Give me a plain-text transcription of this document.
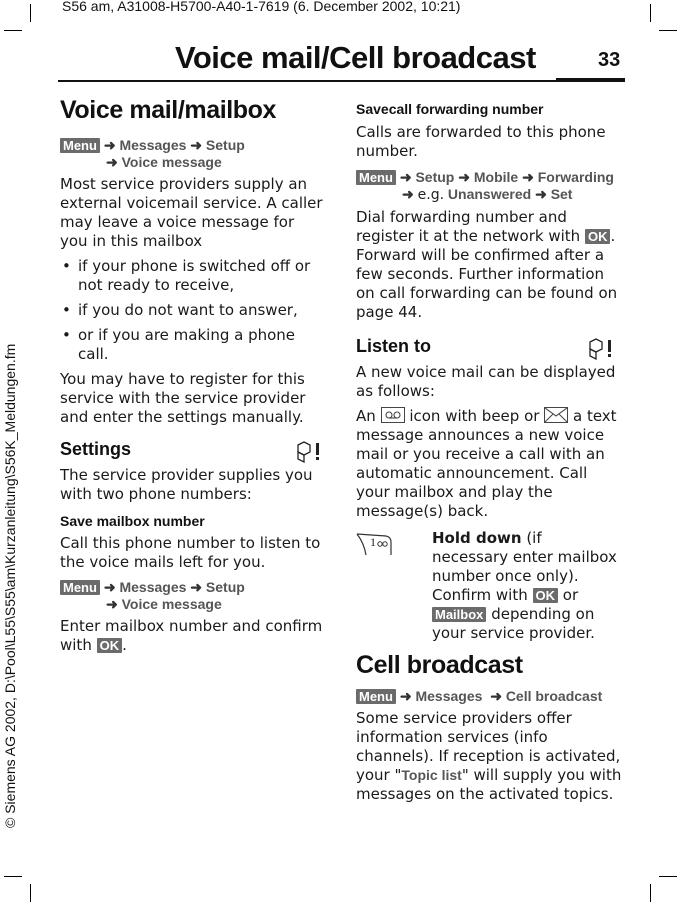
S56 am, A31008-H5700-A40-1-7619 (6. December 2002, 10:21)
Voice mail/Cell broadcast	33
© Siemens AG 2002, D:\Pool\L55\S55\am\Kurzanleitung\S56K_Meldungen.fm
Voice mail/mailbox
Menu ➜ Messages ➜ Setup
➜ Voice message

Most service providers supply an external voicemail service. A caller may leave a voice message for you in this mailbox

• if your phone is switched off or not ready to receive,

• if you do not want to answer,

• or if you are making a phone call.

You may have to register for this service with the service provider and enter the settings manually.

Settings

The service provider supplies you with two phone numbers:

Save mailbox number

Call this phone number to listen to the voice mails left for you.

Menu ➜ Messages ➜ Setup
➜ Voice message

Enter mailbox number and confirm with OK .

Savecall forwarding number

Calls are forwarded to this phone number.

Menu ➜ Setup ➜ Mobile ➜ Forwarding
➜ e.g. Unanswered ➜ Set

Dial forwarding number and register it at the network with OK . Forward will be confirmed after a few seconds. Further information on call forwarding can be found on page 44.

Listen to

A new voice mail can be displayed as follows:

An icon with beep or a text message announces a new voice mail or you receive a call with an automatic announcement. Call your mailbox and play the message(s) back.

1	Hold down (if necessary enter mailbox number once only). Confirm with OK or Mailbox depending on your service provider.

Cell broadcast
Menu ➜ Messages ➜ Cell broadcast

Some service providers offer information services (info channels). If reception is activated, your "Topic list" will supply you with messages on the activated topics.
